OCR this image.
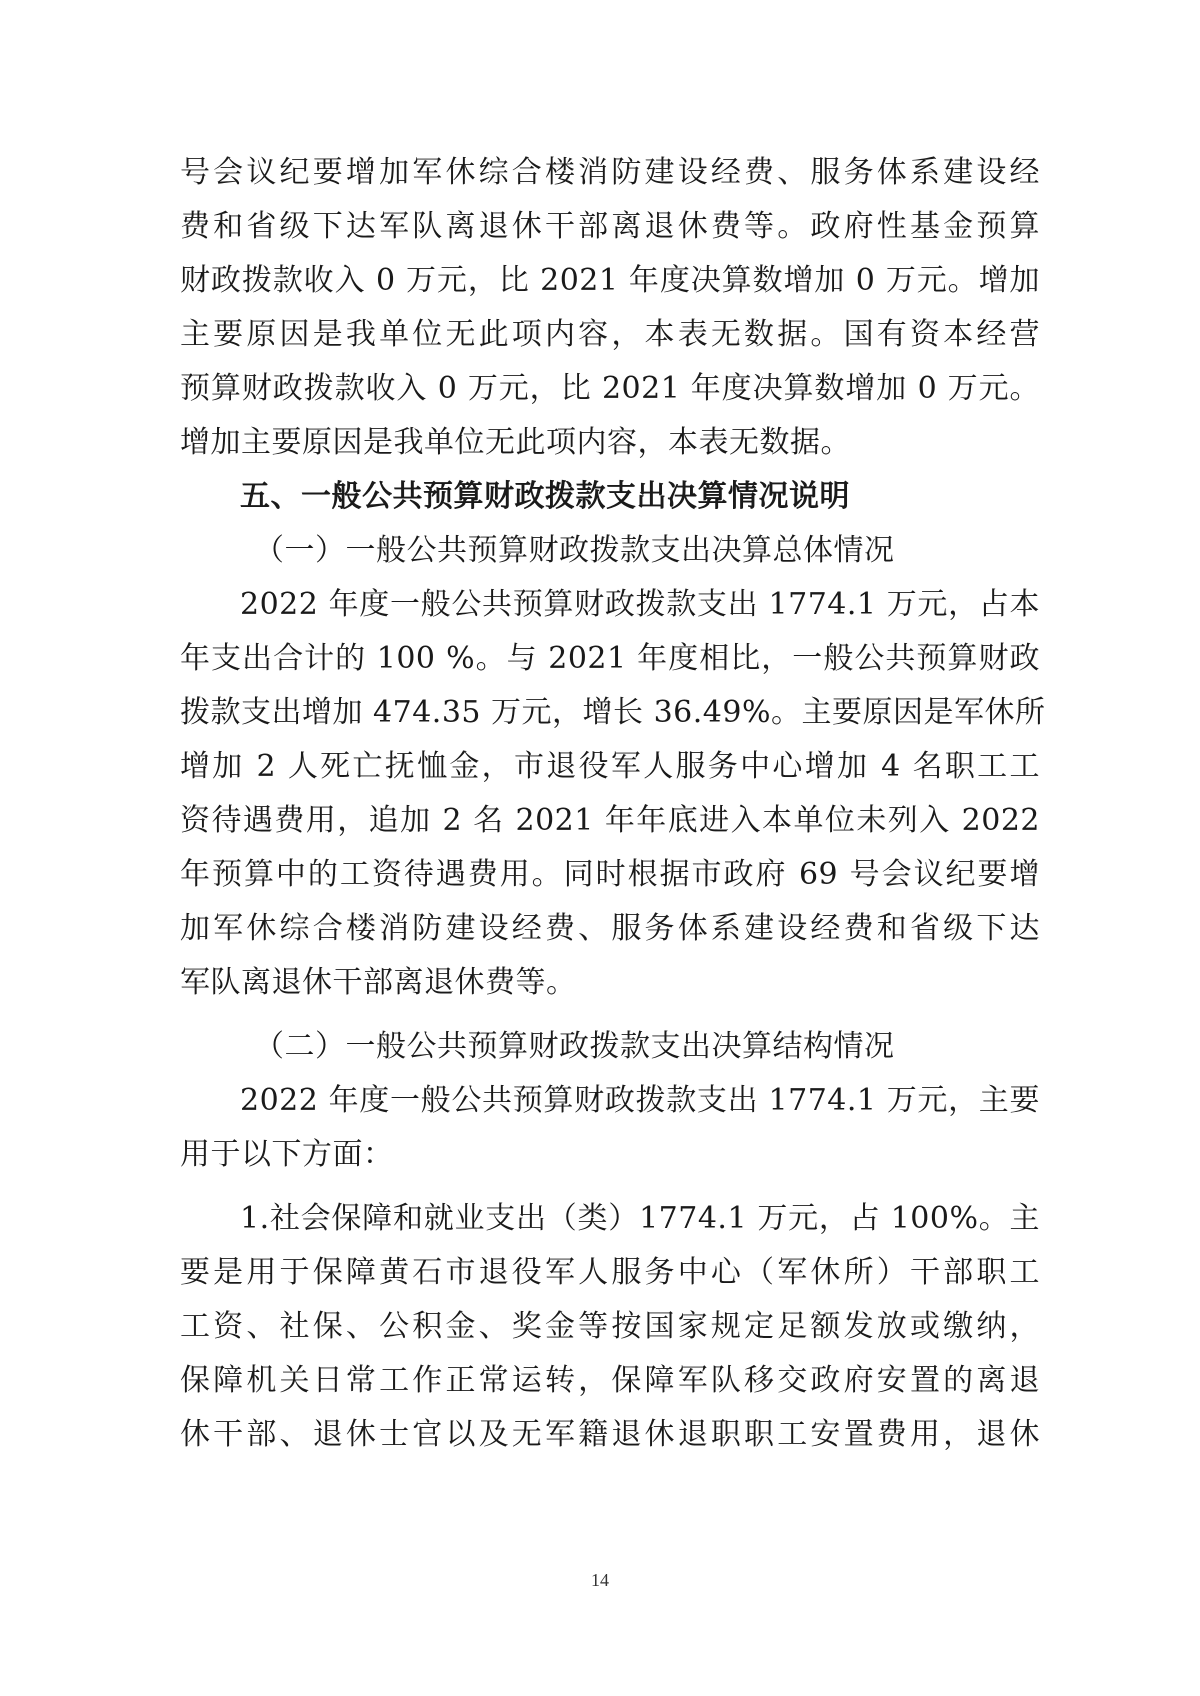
号会议纪要增加军休综合楼消防建设经费、服务体系建设经
费和省级下达军队离退休干部离退休费等。政府性基金预算
财政拨款收入 0 万元，比 2021 年度决算数增加 0 万元。增加
主要原因是我单位无此项内容，本表无数据。国有资本经营
预算财政拨款收入 0 万元，比 2021 年度决算数增加 0 万元。
增加主要原因是我单位无此项内容，本表无数据。
五、一般公共预算财政拨款支出决算情况说明
（一）一般公共预算财政拨款支出决算总体情况
2022 年度一般公共预算财政拨款支出 1774.1 万元，占本
年支出合计的 100 %。与 2021 年度相比，一般公共预算财政
拨款支出增加 474.35 万元，增长 36.49%。主要原因是军休所
增加 2 人死亡抚恤金，市退役军人服务中心增加 4 名职工工
资待遇费用，追加 2 名 2021 年年底进入本单位未列入 2022
年预算中的工资待遇费用。同时根据市政府 69 号会议纪要增
加军休综合楼消防建设经费、服务体系建设经费和省级下达
军队离退休干部离退休费等。
（二）一般公共预算财政拨款支出决算结构情况
2022 年度一般公共预算财政拨款支出 1774.1 万元，主要
用于以下方面：
1.社会保障和就业支出（类）1774.1 万元，占 100%。主
要是用于保障黄石市退役军人服务中心（军休所）干部职工
工资、社保、公积金、奖金等按国家规定足额发放或缴纳，
保障机关日常工作正常运转，保障军队移交政府安置的离退
休干部、退休士官以及无军籍退休退职职工安置费用，退休
14
